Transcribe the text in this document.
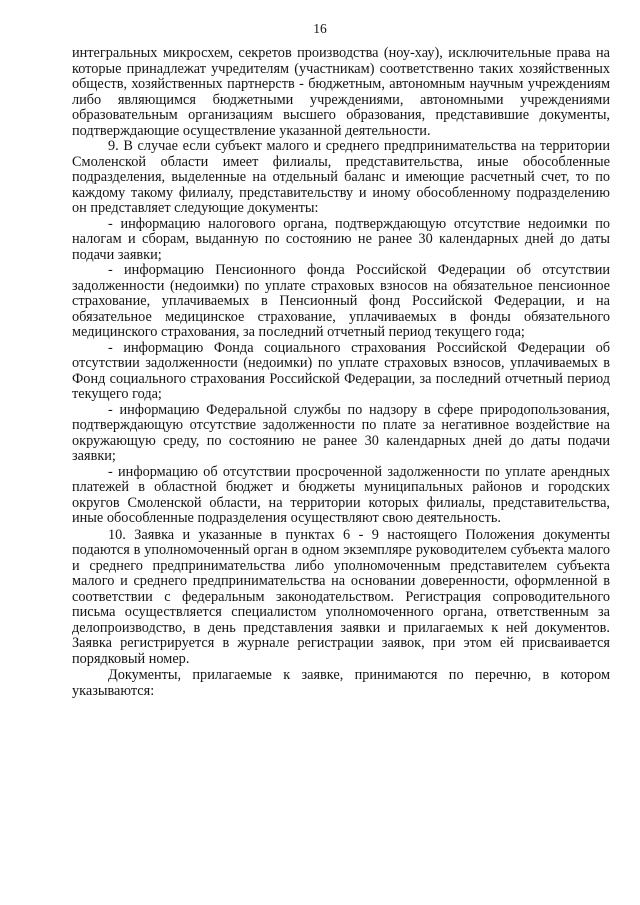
16

интегральных микросхем, секретов производства (ноу-хау), исключительные права на которые принадлежат учредителям (участникам) соответственно таких хозяйственных обществ, хозяйственных партнерств - бюджетным, автономным научным учреждениям либо являющимся бюджетными учреждениями, автономными учреждениями образовательным организациям высшего образования, представившие документы, подтверждающие осуществление указанной деятельности.

9. В случае если субъект малого и среднего предпринимательства на территории Смоленской области имеет филиалы, представительства, иные обособленные подразделения, выделенные на отдельный баланс и имеющие расчетный счет, то по каждому такому филиалу, представительству и иному обособленному подразделению он представляет следующие документы:

- информацию налогового органа, подтверждающую отсутствие недоимки по налогам и сборам, выданную по состоянию не ранее 30 календарных дней до даты подачи заявки;

- информацию Пенсионного фонда Российской Федерации об отсутствии задолженности (недоимки) по уплате страховых взносов на обязательное пенсионное страхование, уплачиваемых в Пенсионный фонд Российской Федерации, и на обязательное медицинское страхование, уплачиваемых в фонды обязательного медицинского страхования, за последний отчетный период текущего года;

- информацию Фонда социального страхования Российской Федерации об отсутствии задолженности (недоимки) по уплате страховых взносов, уплачиваемых в Фонд социального страхования Российской Федерации, за последний отчетный период текущего года;

- информацию Федеральной службы по надзору в сфере природопользования, подтверждающую отсутствие задолженности по плате за негативное воздействие на окружающую среду, по состоянию не ранее 30 календарных дней до даты подачи заявки;

- информацию об отсутствии просроченной задолженности по уплате арендных платежей в областной бюджет и бюджеты муниципальных районов и городских округов Смоленской области, на территории которых филиалы, представительства, иные обособленные подразделения осуществляют свою деятельность.

10. Заявка и указанные в пунктах 6 - 9 настоящего Положения документы подаются в уполномоченный орган в одном экземпляре руководителем субъекта малого и среднего предпринимательства либо уполномоченным представителем субъекта малого и среднего предпринимательства на основании доверенности, оформленной в соответствии с федеральным законодательством. Регистрация сопроводительного письма осуществляется специалистом уполномоченного органа, ответственным за делопроизводство, в день представления заявки и прилагаемых к ней документов. Заявка регистрируется в журнале регистрации заявок, при этом ей присваивается порядковый номер.

Документы, прилагаемые к заявке, принимаются по перечню, в котором указываются:
